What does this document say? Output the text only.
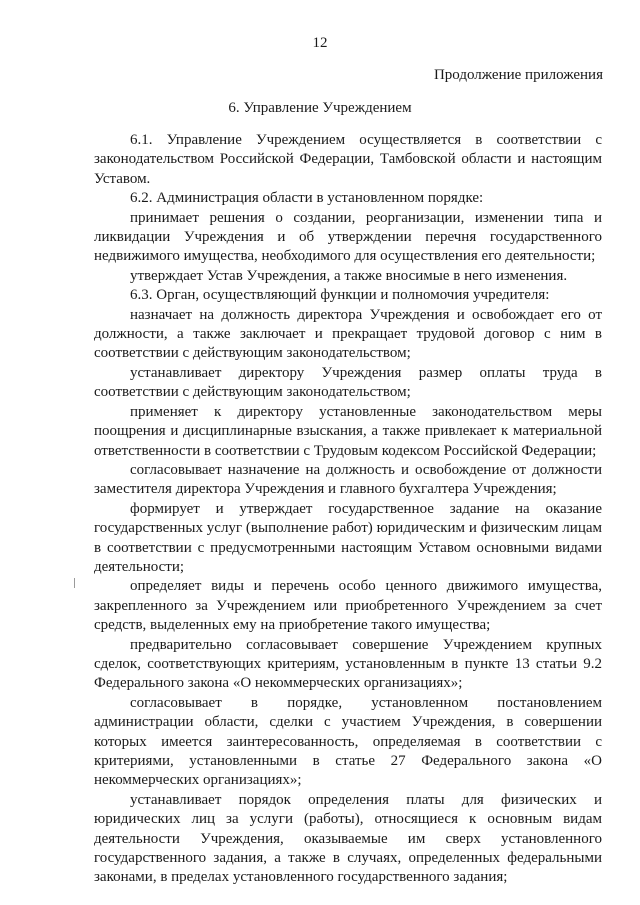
12
Продолжение приложения
6. Управление Учреждением

6.1. Управление Учреждением осуществляется в соответствии с законодательством Российской Федерации, Тамбовской области и настоящим Уставом.

6.2. Администрация области в установленном порядке:

принимает решения о создании, реорганизации, изменении типа и ликвидации Учреждения и об утверждении перечня государственного недвижимого имущества, необходимого для осуществления его деятельности;

утверждает Устав Учреждения, а также вносимые в него изменения.

6.3. Орган, осуществляющий функции и полномочия учредителя:

назначает на должность директора Учреждения и освобождает его от должности, а также заключает и прекращает трудовой договор с ним в соответствии с действующим законодательством;

устанавливает директору Учреждения размер оплаты труда в соответствии с действующим законодательством;

применяет к директору установленные законодательством меры поощрения и дисциплинарные взыскания, а также привлекает к материальной ответственности в соответствии с Трудовым кодексом Российской Федерации;

согласовывает назначение на должность и освобождение от должности заместителя директора Учреждения и главного бухгалтера Учреждения;

формирует и утверждает государственное задание на оказание государственных услуг (выполнение работ) юридическим и физическим лицам в соответствии с предусмотренными настоящим Уставом основными видами деятельности;

определяет виды и перечень особо ценного движимого имущества, закрепленного за Учреждением или приобретенного Учреждением за счет средств, выделенных ему на приобретение такого имущества;

предварительно согласовывает совершение Учреждением крупных сделок, соответствующих критериям, установленным в пункте 13 статьи 9.2 Федерального закона «О некоммерческих организациях»;

согласовывает в порядке, установленном постановлением администрации области, сделки с участием Учреждения, в совершении которых имеется заинтересованность, определяемая в соответствии с критериями, установленными в статье 27 Федерального закона «О некоммерческих организациях»;

устанавливает порядок определения платы для физических и юридических лиц за услуги (работы), относящиеся к основным видам деятельности Учреждения, оказываемые им сверх установленного государственного задания, а также в случаях, определенных федеральными законами, в пределах установленного государственного задания;
